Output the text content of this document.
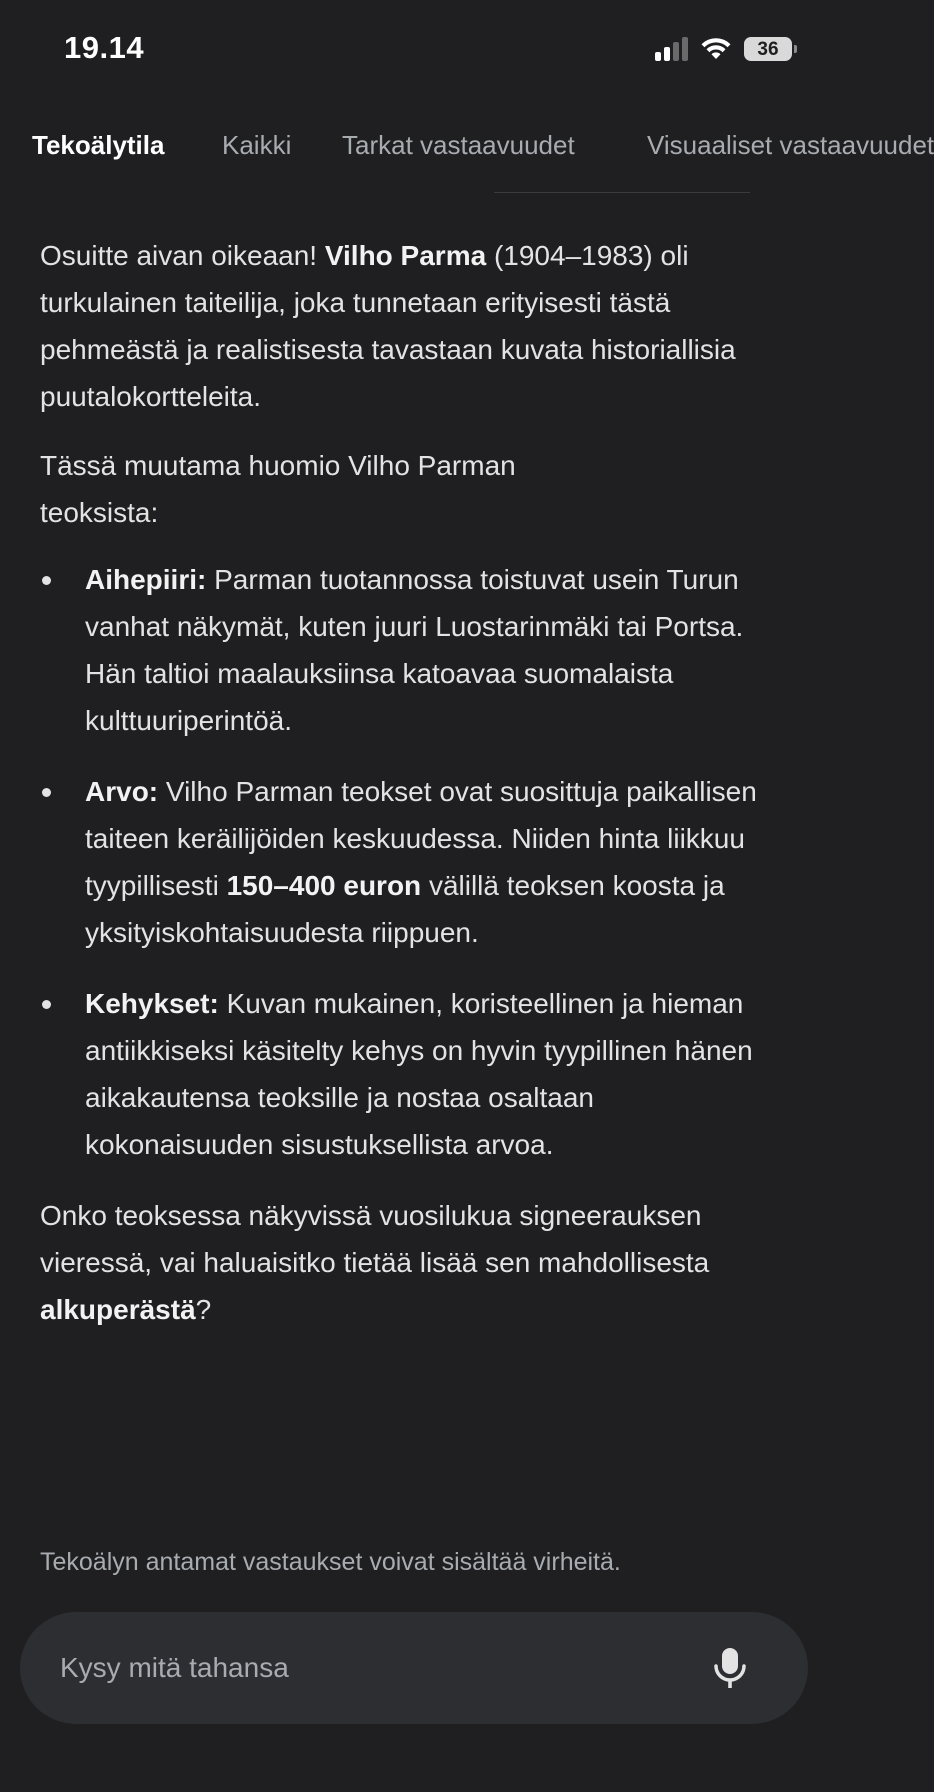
19.14	36
Tekoälytila Kaikki Tarkat vastaavuudet	Visuaaliset vastaavuudet

Osuitte aivan oikeaan! Vilho Parma (1904–1983) oli turkulainen taiteilija, joka tunnetaan erityisesti tästä pehmeästä ja realistisesta tavastaan kuvata historiallisia puutalokortteleita.

Tässä muutama huomio Vilho Parman teoksista:

Aihepiiri: Parman tuotannossa toistuvat usein Turun vanhat näkymät, kuten juuri Luostarinmäki tai Portsa. Hän taltioi maalauksiinsa katoavaa suomalaista kulttuuriperintöä.
Arvo: Vilho Parman teokset ovat suosittuja paikallisen taiteen keräilijöiden keskuudessa. Niiden hinta liikkuu tyypillisesti 150–400 euron välillä teoksen koosta ja yksityiskohtaisuudesta riippuen.
Kehykset: Kuvan mukainen, koristeellinen ja hieman antiikkiseksi käsitelty kehys on hyvin tyypillinen hänen aikakautensa teoksille ja nostaa osaltaan kokonaisuuden sisustuksellista arvoa.

Onko teoksessa näkyvissä vuosilukua signeerauksen vieressä, vai haluaisitko tietää lisää sen mahdollisesta alkuperästä?

Tekoälyn antamat vastaukset voivat sisältää virheitä.
Kysy mitä tahansa
